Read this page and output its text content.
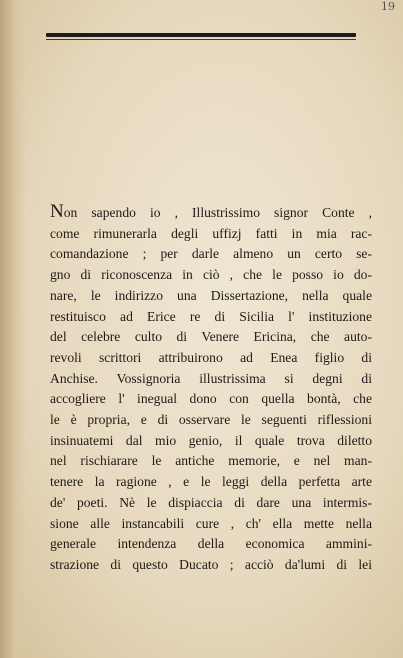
19

Non sapendo io , Illustrissimo signor Conte ,
come rimunerarla degli uffizj fatti in mia rac-
comandazione ; per darle almeno un certo se-
gno di riconoscenza in ciò , che le posso io do-
nare, le indirizzo una Dissertazione, nella quale
restituisco ad Erice re di Sicilia l' instituzione
del celebre culto di Venere Ericina, che auto-
revoli scrittori attribuirono ad Enea figlio di
Anchise. Vossignoria illustrissima si degni di
accogliere l' inegual dono con quella bontà, che
le è propria, e di osservare le seguenti riflessioni
insinuatemi dal mio genio, il quale trova diletto
nel rischiarare le antiche memorie, e nel man-
tenere la ragione , e le leggi della perfetta arte
de' poeti. Nè le dispiaccia di dare una intermis-
sione alle instancabili cure , ch' ella mette nella
generale intendenza della economica ammini-
strazione di questo Ducato ; acciò da'lumi di lei
